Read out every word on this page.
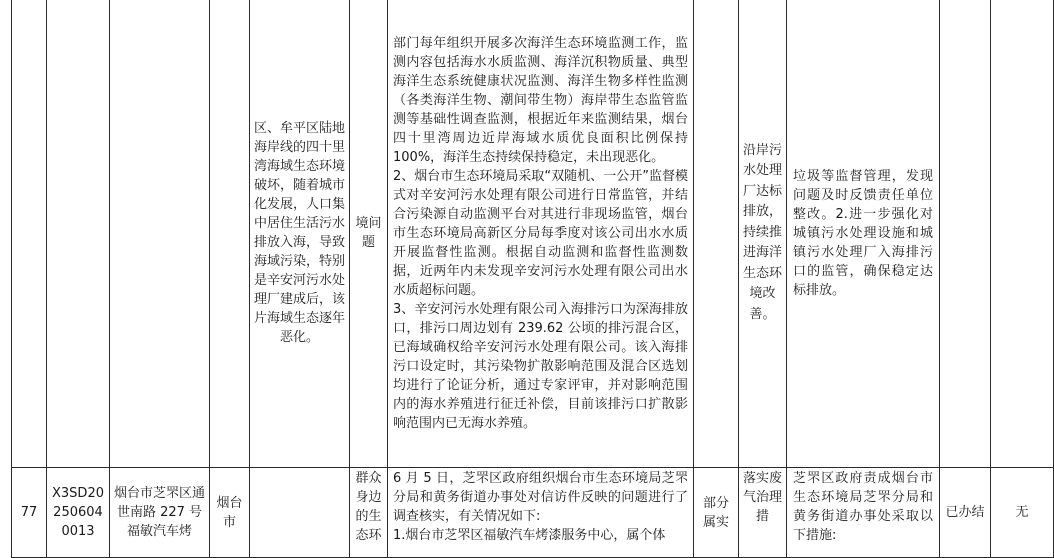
				区、牟平区陆地海岸线的四十里湾海域生态环境破坏，随着城市化发展，人口集中居住生活污水排放入海，导致海域污染，特别是辛安河污水处理厂建成后，该片海域生态逐年恶化。	境问题	部门每年组织开展多次海洋生态环境监测工作，监测内容包括海水水质监测、海洋沉积物质量、典型海洋生态系统健康状况监测、海洋生物多样性监测（各类海洋生物、潮间带生物）海岸带生态监管监测等基础性调查监测，根据近年来监测结果，烟台四十里湾周边近岸海域水质优良面积比例保持 100%，海洋生态持续保持稳定，未出现恶化。
2、烟台市生态环境局采取“双随机、一公开”监督模式对辛安河污水处理有限公司进行日常监管，并结合污染源自动监测平台对其进行非现场监管，烟台市生态环境局高新区分局每季度对该公司出水水质开展监督性监测。根据自动监测和监督性监测数据，近两年内未发现辛安河污水处理有限公司出水水质超标问题。
3、辛安河污水处理有限公司入海排污口为深海排放口，排污口周边划有 239.62 公顷的排污混合区，已海域确权给辛安河污水处理有限公司。该入海排污口设定时，其污染物扩散影响范围及混合区选划均进行了论证分析，通过专家评审，并对影响范围内的海水养殖进行征迁补偿，目前该排污口扩散影响范围内已无海水养殖。		沿岸污水处理厂达标排放，持续推进海洋生态环境改善。	垃圾等监督管理，发现问题及时反馈责任单位整改。2.进一步强化对城镇污水处理设施和城镇污水处理厂入海排污口的监管，确保稳定达标排放。		
77	X3SD202506040013	烟台市芝罘区通世南路 227 号福敏汽车烤	烟台市		群众身边的生态环	6 月 5 日，芝罘区政府组织烟台市生态环境局芝罘分局和黄务街道办事处对信访件反映的问题进行了调查核实，有关情况如下:
1.烟台市芝罘区福敏汽车烤漆服务中心，属个体	部分属实	落实废气治理措	芝罘区政府责成烟台市生态环境局芝罘分局和黄务街道办事处采取以下措施:	已办结	无
